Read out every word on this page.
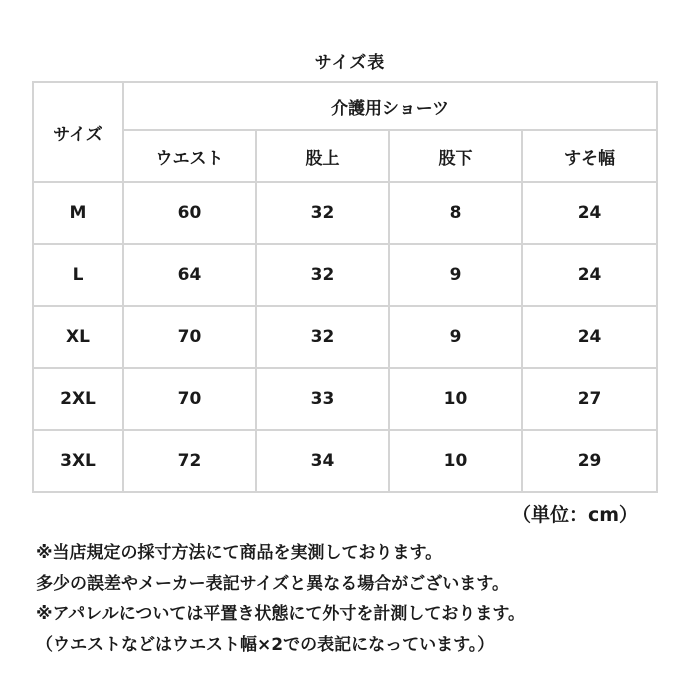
サイズ表
サイズ	介護用ショーツ			
	ウエスト	股上	股下	すそ幅
M	60	32	8	24
L	64	32	9	24
XL	70	32	9	24
2XL	70	33	10	27
3XL	72	34	10	29
（単位：cm）
※当店規定の採寸方法にて商品を実測しております。
多少の誤差やメーカー表記サイズと異なる場合がございます。
※アパレルについては平置き状態にて外寸を計測しております。
（ウエストなどはウエスト幅×2での表記になっています。）
